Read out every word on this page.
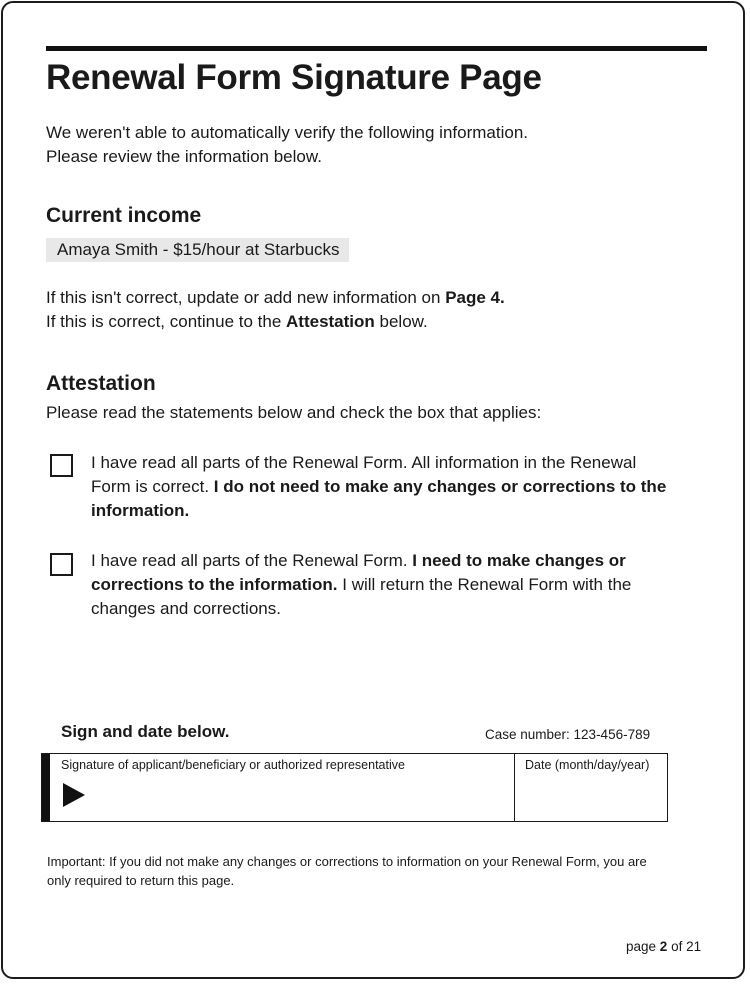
Renewal Form Signature Page
We weren't able to automatically verify the following information.
Please review the information below.
Current income
Amaya Smith - $15/hour at Starbucks
If this isn't correct, update or add new information on Page 4.
If this is correct, continue to the Attestation below.
Attestation
Please read the statements below and check the box that applies:
I have read all parts of the Renewal Form. All information in the Renewal Form is correct. I do not need to make any changes or corrections to the information.
I have read all parts of the Renewal Form. I need to make changes or corrections to the information. I will return the Renewal Form with the changes and corrections.
Sign and date below.	Case number: 123-456-789
Signature of applicant/beneficiary or authorized representative	Date (month/day/year)
Important: If you did not make any changes or corrections to information on your Renewal Form, you are only required to return this page.
page 2 of 21
